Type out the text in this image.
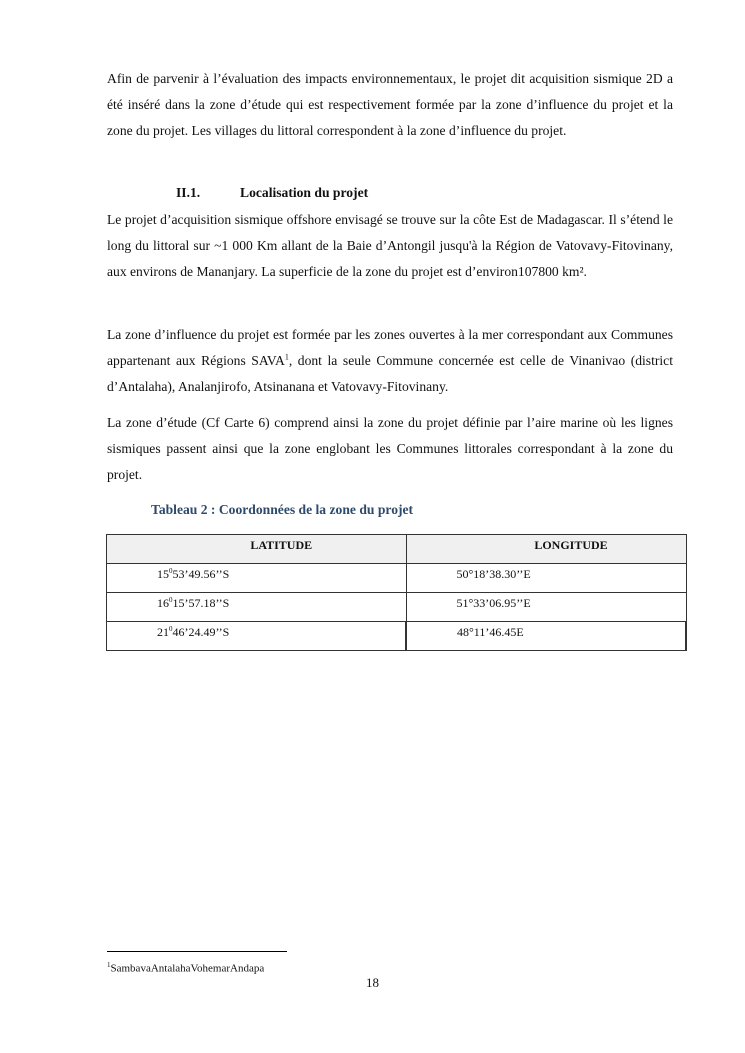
Afin de parvenir à l’évaluation des impacts environnementaux, le projet dit acquisition sismique 2D a été inséré dans la zone d’étude qui est respectivement formée par la zone d’influence du projet et la zone du projet. Les villages du littoral correspondent à la zone d’influence du projet.

II.1.	Localisation du projet

Le projet d’acquisition sismique offshore envisagé se trouve sur la côte Est de Madagascar. Il s’étend le long du littoral sur ~1 000 Km allant de la Baie d’Antongil jusqu'à la Région de Vatovavy-Fitovinany, aux environs de Mananjary. La superficie de la zone du projet est d’environ107800 km².

La zone d’influence du projet est formée par les zones ouvertes à la mer correspondant aux Communes appartenant aux Régions SAVA$^1$, dont la seule Commune concernée est celle de Vinanivao (district d’Antalaha), Analanjirofo, Atsinanana et Vatovavy-Fitovinany.

La zone d’étude (Cf Carte 6) comprend ainsi la zone du projet définie par l’aire marine où les lignes sismiques passent ainsi que la zone englobant les Communes littorales correspondant à la zone du projet.

Tableau 2 : Coordonnées de la zone du projet
LATITUDE	LONGITUDE

$15^053’49.56’’S$	50°18’38.30’’E

$16^015’57.18’’S$	51°33’06.95’’E

$21^046’24.49’’S$	48°11’46.45E
$^1$SambavaAntalahaVohemarAndapa
18
